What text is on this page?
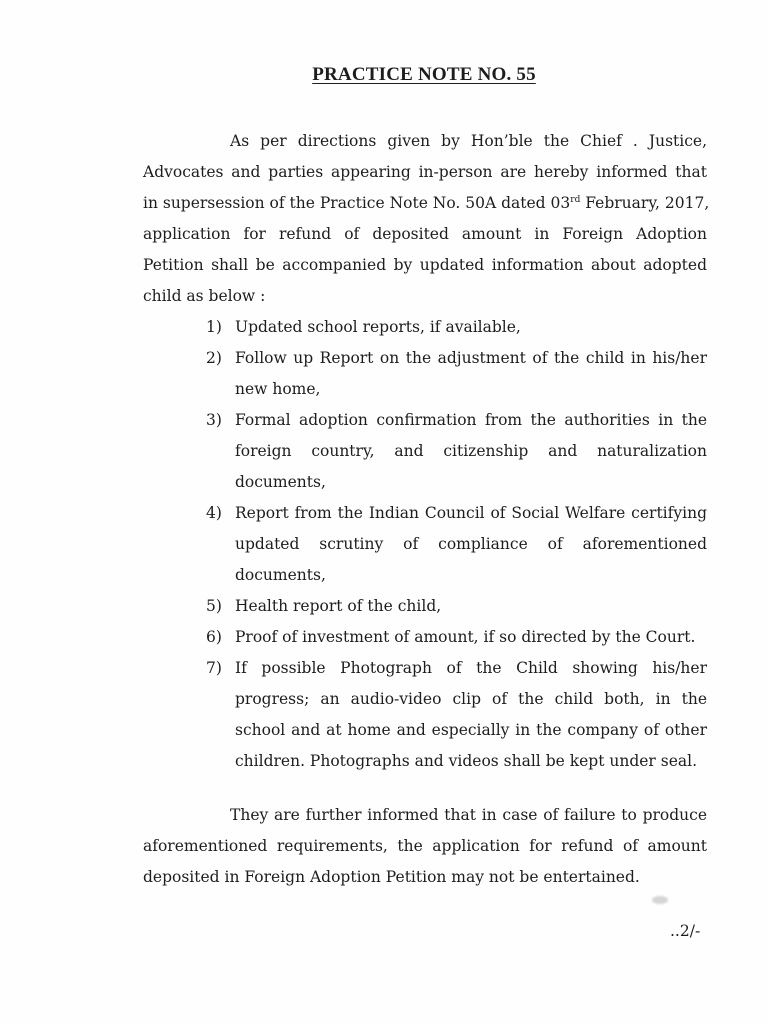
PRACTICE NOTE NO. 55
As per directions given by Hon’ble the Chief . Justice,
Advocates and parties appearing in-person are hereby informed that
in supersession of the Practice Note No. 50A dated 03rd February, 2017,
application for refund of deposited amount in Foreign Adoption
Petition shall be accompanied by updated information about adopted
child as below :
1) Updated school reports, if available,
2) Follow up Report on the adjustment of the child in his/her
new home,
3) Formal adoption confirmation from the authorities in the
foreign country, and citizenship and naturalization
documents,
4) Report from the Indian Council of Social Welfare certifying
updated scrutiny of compliance of aforementioned
documents,
5) Health report of the child,
6) Proof of investment of amount, if so directed by the Court.
7) If possible Photograph of the Child showing his/her
progress; an audio-video clip of the child both, in the
school and at home and especially in the company of other
children. Photographs and videos shall be kept under seal.
They are further informed that in case of failure to produce
aforementioned requirements, the application for refund of amount
deposited in Foreign Adoption Petition may not be entertained.
..2/-
